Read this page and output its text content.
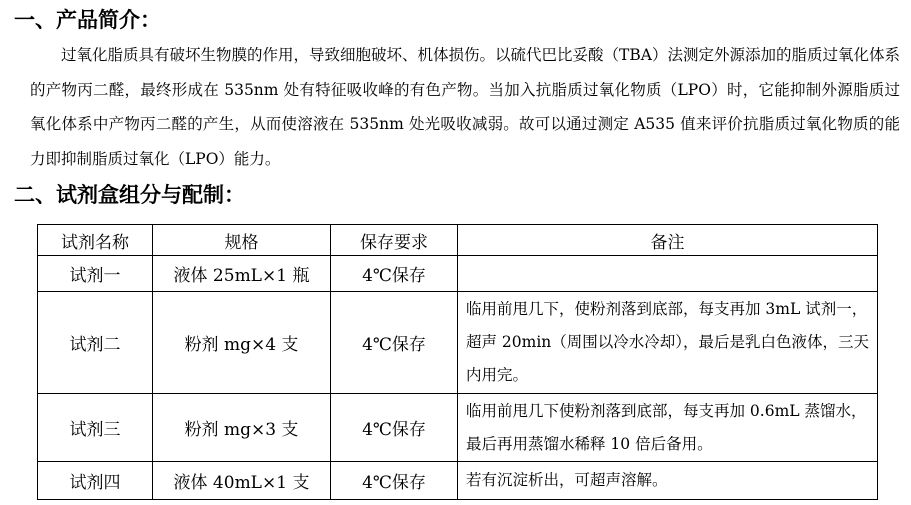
一、产品简介：

过氧化脂质具有破坏生物膜的作用，导致细胞破坏、机体损伤。以硫代巴比妥酸（TBA）法测定外源添加的脂质过氧化体系的产物丙二醛，最终形成在 535nm 处有特征吸收峰的有色产物。当加入抗脂质过氧化物质（LPO）时，它能抑制外源脂质过氧化体系中产物丙二醛的产生，从而使溶液在 535nm 处光吸收减弱。故可以通过测定 A535 值来评价抗脂质过氧化物质的能力即抑制脂质过氧化（LPO）能力。

二、试剂盒组分与配制：
试剂名称	规格	保存要求	备注
试剂一	液体 25mL×1 瓶	4℃保存	
试剂二	粉剂 mg×4 支	4℃保存	临用前甩几下，使粉剂落到底部，每支再加 3mL 试剂一，超声 20min（周围以冷水冷却），最后是乳白色液体，三天内用完。
试剂三	粉剂 mg×3 支	4℃保存	临用前甩几下使粉剂落到底部，每支再加 0.6mL 蒸馏水，最后再用蒸馏水稀释 10 倍后备用。
试剂四	液体 40mL×1 支	4℃保存	若有沉淀析出，可超声溶解。
